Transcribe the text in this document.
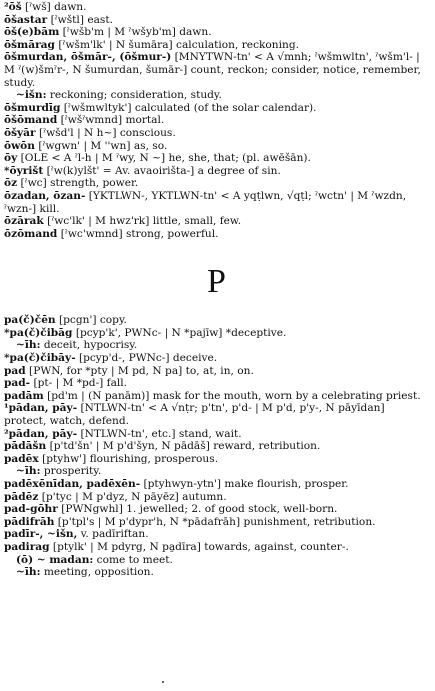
²ōš [ˀwš] dawn.

ōšastar [ˀwštl] east.

ōš(e)bām [ˀwšb'm | M ˀwšyb'm] dawn.

ōšmārag [ˀwšm'lk' | N šumāra] calculation, reckoning.

ōšmurdan, ōšmār-, (ōšmur-) [MNYTWN-tn' < A √mnh; ˀwšmwltn', ˀwšm'l- | M ˀ(w)šmˀr-, N šumurdan, šumār-] count, reckon; consider, notice, remember, study.

~išn: reckoning; consideration, study.

ōšmurdīg [ˀwšmwltyk'] calculated (of the solar calendar).

ōšōmand [ˀwšˀwmnd] mortal.

ōšyār [ˀwšd'l | N h~] conscious.

ōwōn [ˀwgwn' | M ''wn] as, so.

ōy [OLE < A ˀl-h | M ˀwy, N ~] he, she, that; (pl. awēšān).

*ōyrišt [ˀw(k)ylšt' = Av. avaoirišta-] a degree of sin.

ōz [ˀwc] strength, power.

ōzadan, ōzan- [YKTLWN-, YKTLWN-tn' < A yqṭlwn, √qṭl; ˀwctn' | M ˀwzdn, ˀwzn-] kill.

ōzārak [ˀwc'lk' | M hwz'rk] little, small, few.

ōzōmand [ˀwc'wmnd] strong, powerful.

P

pa(č)čēn [pcgn'] copy.

*pa(č)čibāg [pcyp'k', PWNc- | N *pajīw] *deceptive.

~īh: deceit, hypocrisy.

*pa(č)čibāy- [pcyp'd-, PWNc-] deceive.

pad [PWN, for *pty | M pd, N pa] to, at, in, on.

pad- [pt- | M *pd-] fall.

padām [pd'm | (N panām)] mask for the mouth, worn by a celebrating priest.

¹pādan, pāy- [NTLWN-tn' < A √nṭr; p'tn', p'd- | M p'd, p'y-, N pāyīdan] protect, watch, defend.

²pādan, pāy- [NTLWN-tn', etc.] stand, wait.

pādāšn [p'td'šn' | M p'd'šyn, N pādāš] reward, retribution.

padēx [ptyhw'] flourishing, prosperous.

~īh: prosperity.

padēxēnīdan, padēxēn- [ptyhwyn-ytn'] make flourish, prosper.

pādēz [p'tyc | M p'dyz, N pāyēz] autumn.

pad-gōhr [PWNgwhl] 1. jewelled; 2. of good stock, well-born.

pādifrāh [p'tpl's | M p'dypr'h, N *pādafrāh] punishment, retribution.

padīr-, ~išn, v. padīriftan.

padirag [ptylk' | M pdyrg, N pa̱dīra] towards, against, counter-.

(ō) ~ madan: come to meet.

~īh: meeting, opposition.
